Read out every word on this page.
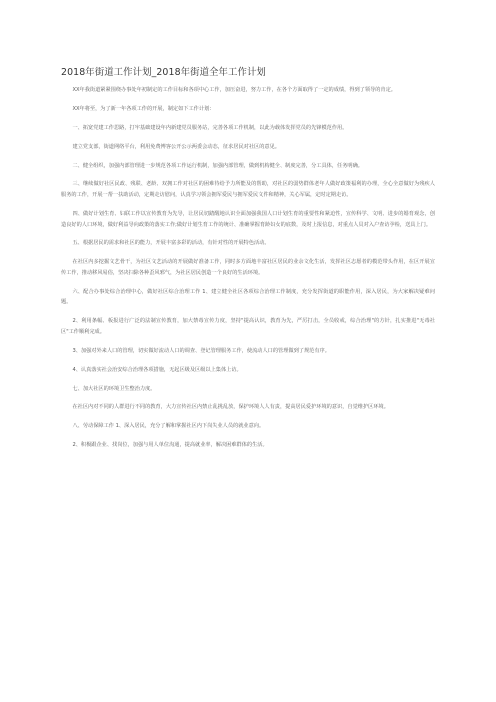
2018年街道工作计划_2018年街道全年工作计划
XX年我街道紧紧围绕办事处年初制定的工作目标和各项中心工作，加压奋进，努力工作，在各个方面取得了一定的成绩，得到了领导的肯定。
XX年将至，为了新一年各项工作的开展，制定如下工作计划：
一、拓宽党建工作思路，打牢基础建设年内新建党员服务站，完善各项工作机制，以此为载体发挥党员的先锋模范作用。
建立党支部，街道网络平台，利用免费博客公开公示两委会动态，征求居民对社区的意见。
二、健全组织，加强内部管理进一步规范各项工作运行机制，加强内部管理，做到机构健全、制度完善，分工具体，任务明确。
三、继续做好社区民政、残联、老龄、双拥工作对社区的困难待给予力所能及的帮助，对社区的弱势群体老年人做好政策福利的办理，全心全意做好为残疾人服务的工作，开展一帮一扶助活动，定期走访慰问，认真学习领会拥军爱民与拥军爱民文件和精神，关心军属，定时定期走访。
四、做好计划生育、妇联工作以宣传教育为先导，让居民切踏醒地认识全面加强我国人口计划生育的重要性和紧迫性，宣传科学、文明、进步的婚育观念，创造良好的人口环境，做好利益导向政策的落实工作;做好计划生育工作的统计、准确掌握育龄妇女的底数，及时上报信息，对重点人员对入户查访孕检，送具上门。
五、根据居民的需求和社区的能力，开展丰富多彩的活动，有针对性的开展特色活动。
在社区内多挖掘文艺骨干，为社区文艺活动的开展做好准备工作，同时多方面地丰富社区居民的业余文化生活，发挥社区志愿者的模范带头作用，在区开展宣传工作，推动移风易俗，坚决扫除各种歪风邪气，为社区居民创造一个良好的生活环境。
六、配合办事处综合治理中心，做好社区综合治理工作 1、建立健全社区各项综合治理工作制度，充分发挥街道的职能作用，深入居民，为大家解决疑难问题。
2、利用条幅、板报进行广泛的法制宣传教育，加大禁毒宣传力度，坚持"提高认识，教育为先，严厉打击，全员收戒，综合治理"的方针，扎实推进"无毒社区"工作顺利完成。
3、加强对外来人口的管理，切实做好流动人口的调查、登记管理服务工作，使流动人口的管理做到了规范有序。
4、认真落实社会治安综合治理各项措施，无起区级及区级以上集体上访。
七、加大社区的环境卫生整治力度。
在社区内对不同的人群进行不同的教育，大力宣传社区内禁止乱挑乱放，保护环境人人有责，提高居民爱护环境的意识，自觉维护区环境。
八、劳动保障工作 1、深入居民，充分了解和掌握社区内下岗失业人员的就业意向。
2、积极跟企业、找岗位，加强与用人单位沟通，提高就业率，解决困难群体的生活。
